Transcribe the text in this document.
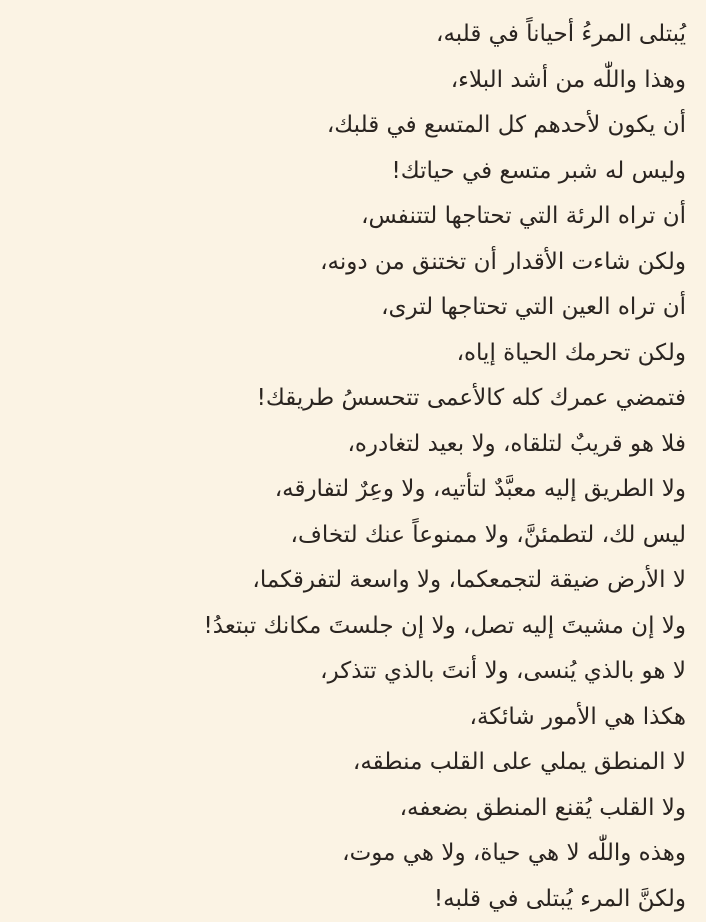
يُبتلى المرءُ أحياناً في قلبه،
وهذا واللّٰه من أشد البلاء،
أن يكون لأحدهم كل المتسع في قلبك،
وليس له شبر متسع في حياتك!
أن تراه الرئة التي تحتاجها لتتنفس،
ولكن شاءت الأقدار أن تختنق من دونه،
أن تراه العين التي تحتاجها لترى،
ولكن تحرمك الحياة إياه،
فتمضي عمرك كله كالأعمى تتحسسُ طريقك!
فلا هو قريبٌ لتلقاه، ولا بعيد لتغادره،
ولا الطريق إليه معبَّدٌ لتأتيه، ولا وعِرٌ لتفارقه،
ليس لك، لتطمئنَّ، ولا ممنوعاً عنك لتخاف،
لا الأرض ضيقة لتجمعكما، ولا واسعة لتفرقكما،
ولا إن مشيتَ إليه تصل، ولا إن جلستَ مكانك تبتعدُ!
لا هو بالذي يُنسى، ولا أنتَ بالذي تتذكر،
هكذا هي الأمور شائكة،
لا المنطق يملي على القلب منطقه،
ولا القلب يُقنع المنطق بضعفه،
وهذه واللّٰه لا هي حياة، ولا هي موت،
ولكنَّ المرء يُبتلى في قلبه!
